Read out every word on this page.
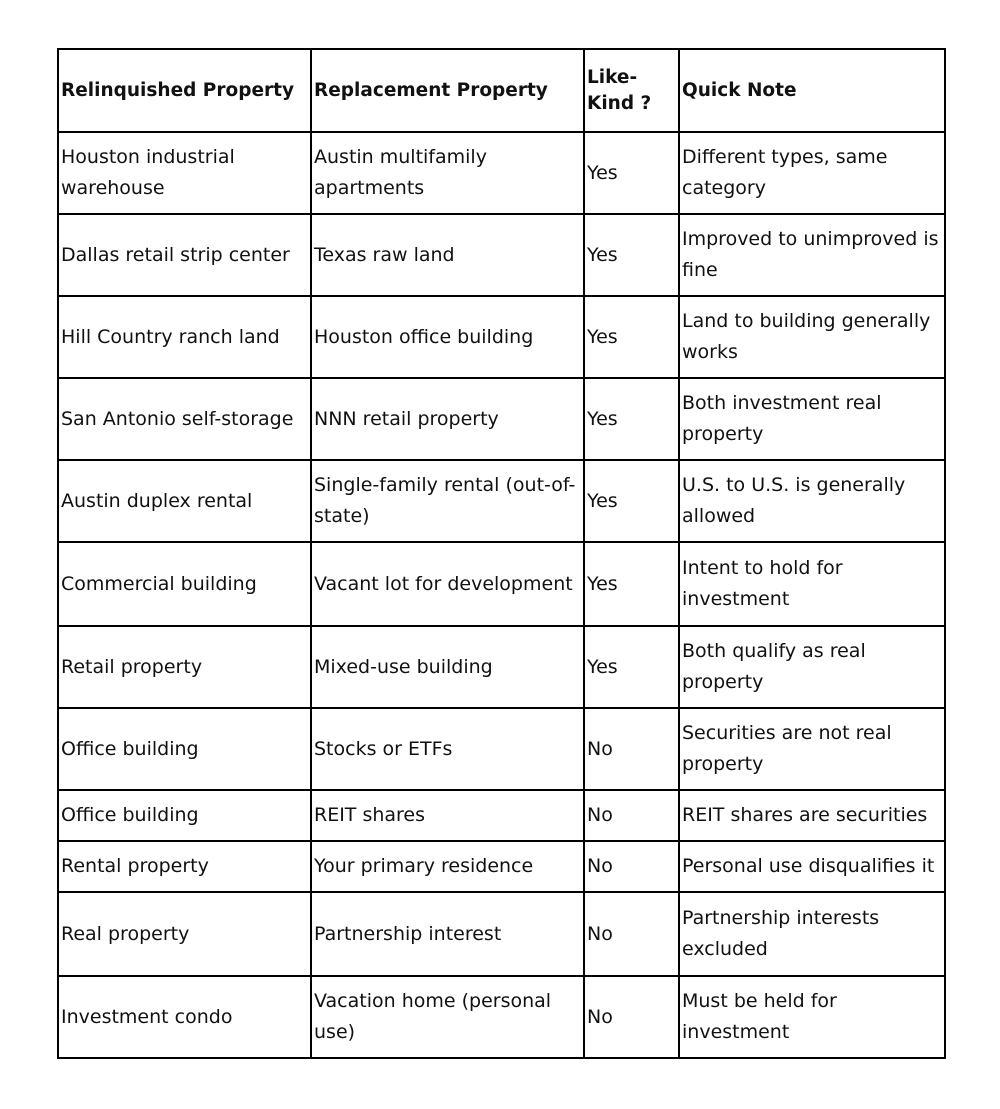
Relinquished Property	Replacement Property	Like-Kind ?	Quick Note
Houston industrial warehouse	Austin multifamily apartments	Yes	Different types, same category
Dallas retail strip center	Texas raw land	Yes	Improved to unimproved is fine
Hill Country ranch land	Houston office building	Yes	Land to building generally works
San Antonio self-storage	NNN retail property	Yes	Both investment real property
Austin duplex rental	Single-family rental (out-of-state)	Yes	U.S. to U.S. is generally allowed
Commercial building	Vacant lot for development	Yes	Intent to hold for investment
Retail property	Mixed-use building	Yes	Both qualify as real property
Office building	Stocks or ETFs	No	Securities are not real property
Office building	REIT shares	No	REIT shares are securities
Rental property	Your primary residence	No	Personal use disqualifies it
Real property	Partnership interest	No	Partnership interests excluded
Investment condo	Vacation home (personal use)	No	Must be held for investment
